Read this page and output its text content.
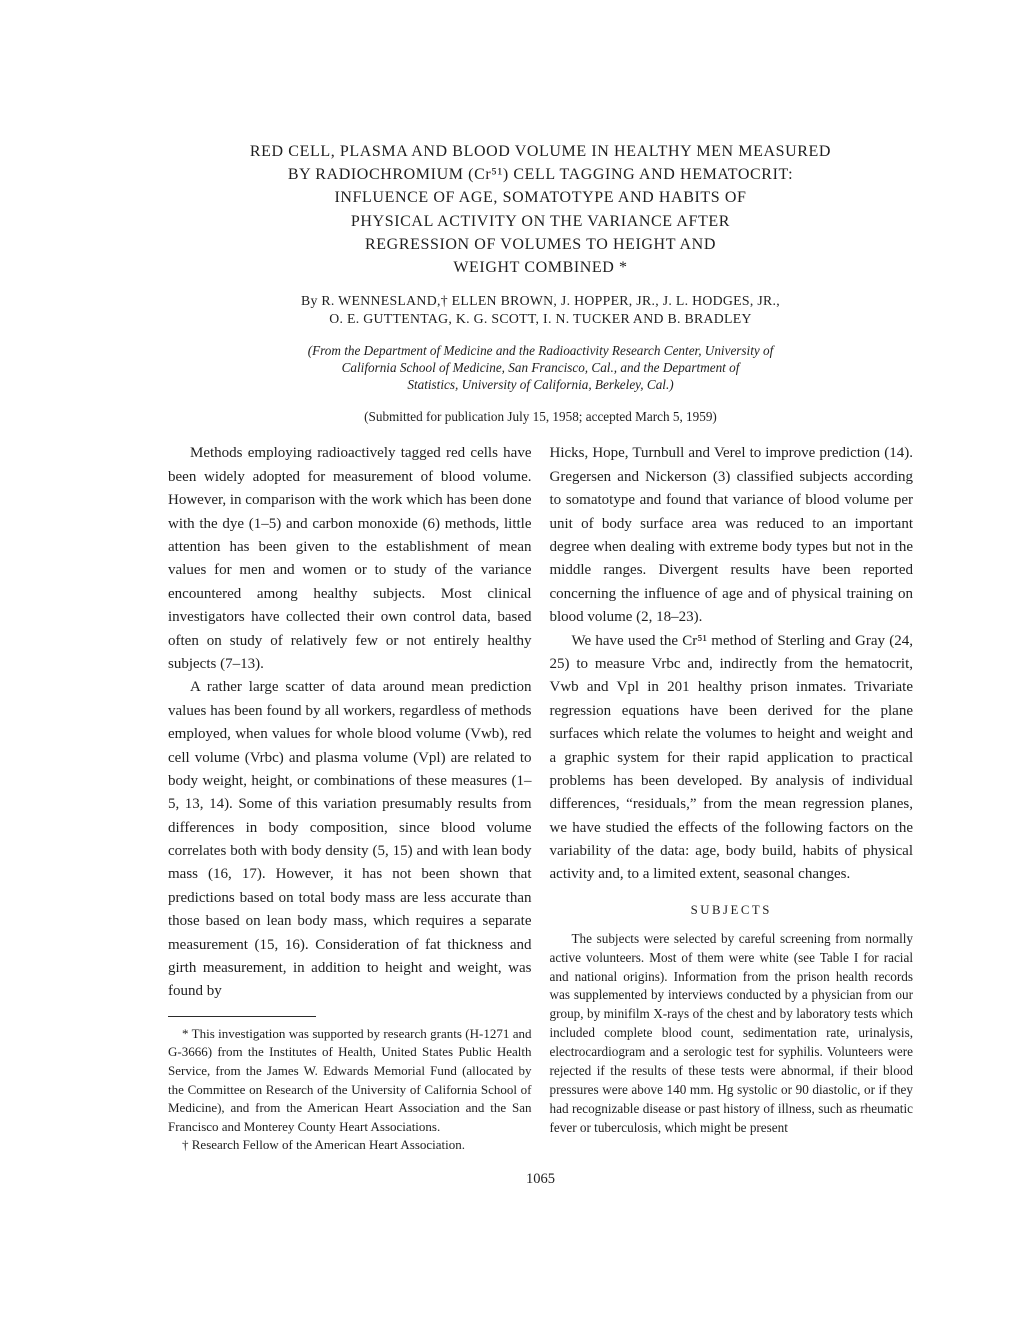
RED CELL, PLASMA AND BLOOD VOLUME IN HEALTHY MEN MEASURED
BY RADIOCHROMIUM (Cr⁵¹) CELL TAGGING AND HEMATOCRIT:
INFLUENCE OF AGE, SOMATOTYPE AND HABITS OF
PHYSICAL ACTIVITY ON THE VARIANCE AFTER
REGRESSION OF VOLUMES TO HEIGHT AND
WEIGHT COMBINED *
By R. WENNESLAND,† ELLEN BROWN, J. HOPPER, JR., J. L. HODGES, JR.,
O. E. GUTTENTAG, K. G. SCOTT, I. N. TUCKER AND B. BRADLEY
(From the Department of Medicine and the Radioactivity Research Center, University of
California School of Medicine, San Francisco, Cal., and the Department of
Statistics, University of California, Berkeley, Cal.)
(Submitted for publication July 15, 1958; accepted March 5, 1959)

Methods employing radioactively tagged red cells have been widely adopted for measurement of blood volume. However, in comparison with the work which has been done with the dye (1–5) and carbon monoxide (6) methods, little attention has been given to the establishment of mean values for men and women or to study of the variance encountered among healthy subjects. Most clinical investigators have collected their own control data, based often on study of relatively few or not entirely healthy subjects (7–13).

A rather large scatter of data around mean prediction values has been found by all workers, regardless of methods employed, when values for whole blood volume (Vwb), red cell volume (Vrbc) and plasma volume (Vpl) are related to body weight, height, or combinations of these measures (1–5, 13, 14). Some of this variation presumably results from differences in body composition, since blood volume correlates both with body density (5, 15) and with lean body mass (16, 17). However, it has not been shown that predictions based on total body mass are less accurate than those based on lean body mass, which requires a separate measurement (15, 16). Consideration of fat thickness and girth measurement, in addition to height and weight, was found by

* This investigation was supported by research grants (H-1271 and G-3666) from the Institutes of Health, United States Public Health Service, from the James W. Edwards Memorial Fund (allocated by the Committee on Research of the University of California School of Medicine), and from the American Heart Association and the San Francisco and Monterey County Heart Associations.

† Research Fellow of the American Heart Association.

Hicks, Hope, Turnbull and Verel to improve prediction (14). Gregersen and Nickerson (3) classified subjects according to somatotype and found that variance of blood volume per unit of body surface area was reduced to an important degree when dealing with extreme body types but not in the middle ranges. Divergent results have been reported concerning the influence of age and of physical training on blood volume (2, 18–23).

We have used the Cr⁵¹ method of Sterling and Gray (24, 25) to measure Vrbc and, indirectly from the hematocrit, Vwb and Vpl in 201 healthy prison inmates. Trivariate regression equations have been derived for the plane surfaces which relate the volumes to height and weight and a graphic system for their rapid application to practical problems has been developed. By analysis of individual differences, “residuals,” from the mean regression planes, we have studied the effects of the following factors on the variability of the data: age, body build, habits of physical activity and, to a limited extent, seasonal changes.

SUBJECTS

The subjects were selected by careful screening from normally active volunteers. Most of them were white (see Table I for racial and national origins). Information from the prison health records was supplemented by interviews conducted by a physician from our group, by minifilm X-rays of the chest and by laboratory tests which included complete blood count, sedimentation rate, urinalysis, electrocardiogram and a serologic test for syphilis. Volunteers were rejected if the results of these tests were abnormal, if their blood pressures were above 140 mm. Hg systolic or 90 diastolic, or if they had recognizable disease or past history of illness, such as rheumatic fever or tuberculosis, which might be present

1065
